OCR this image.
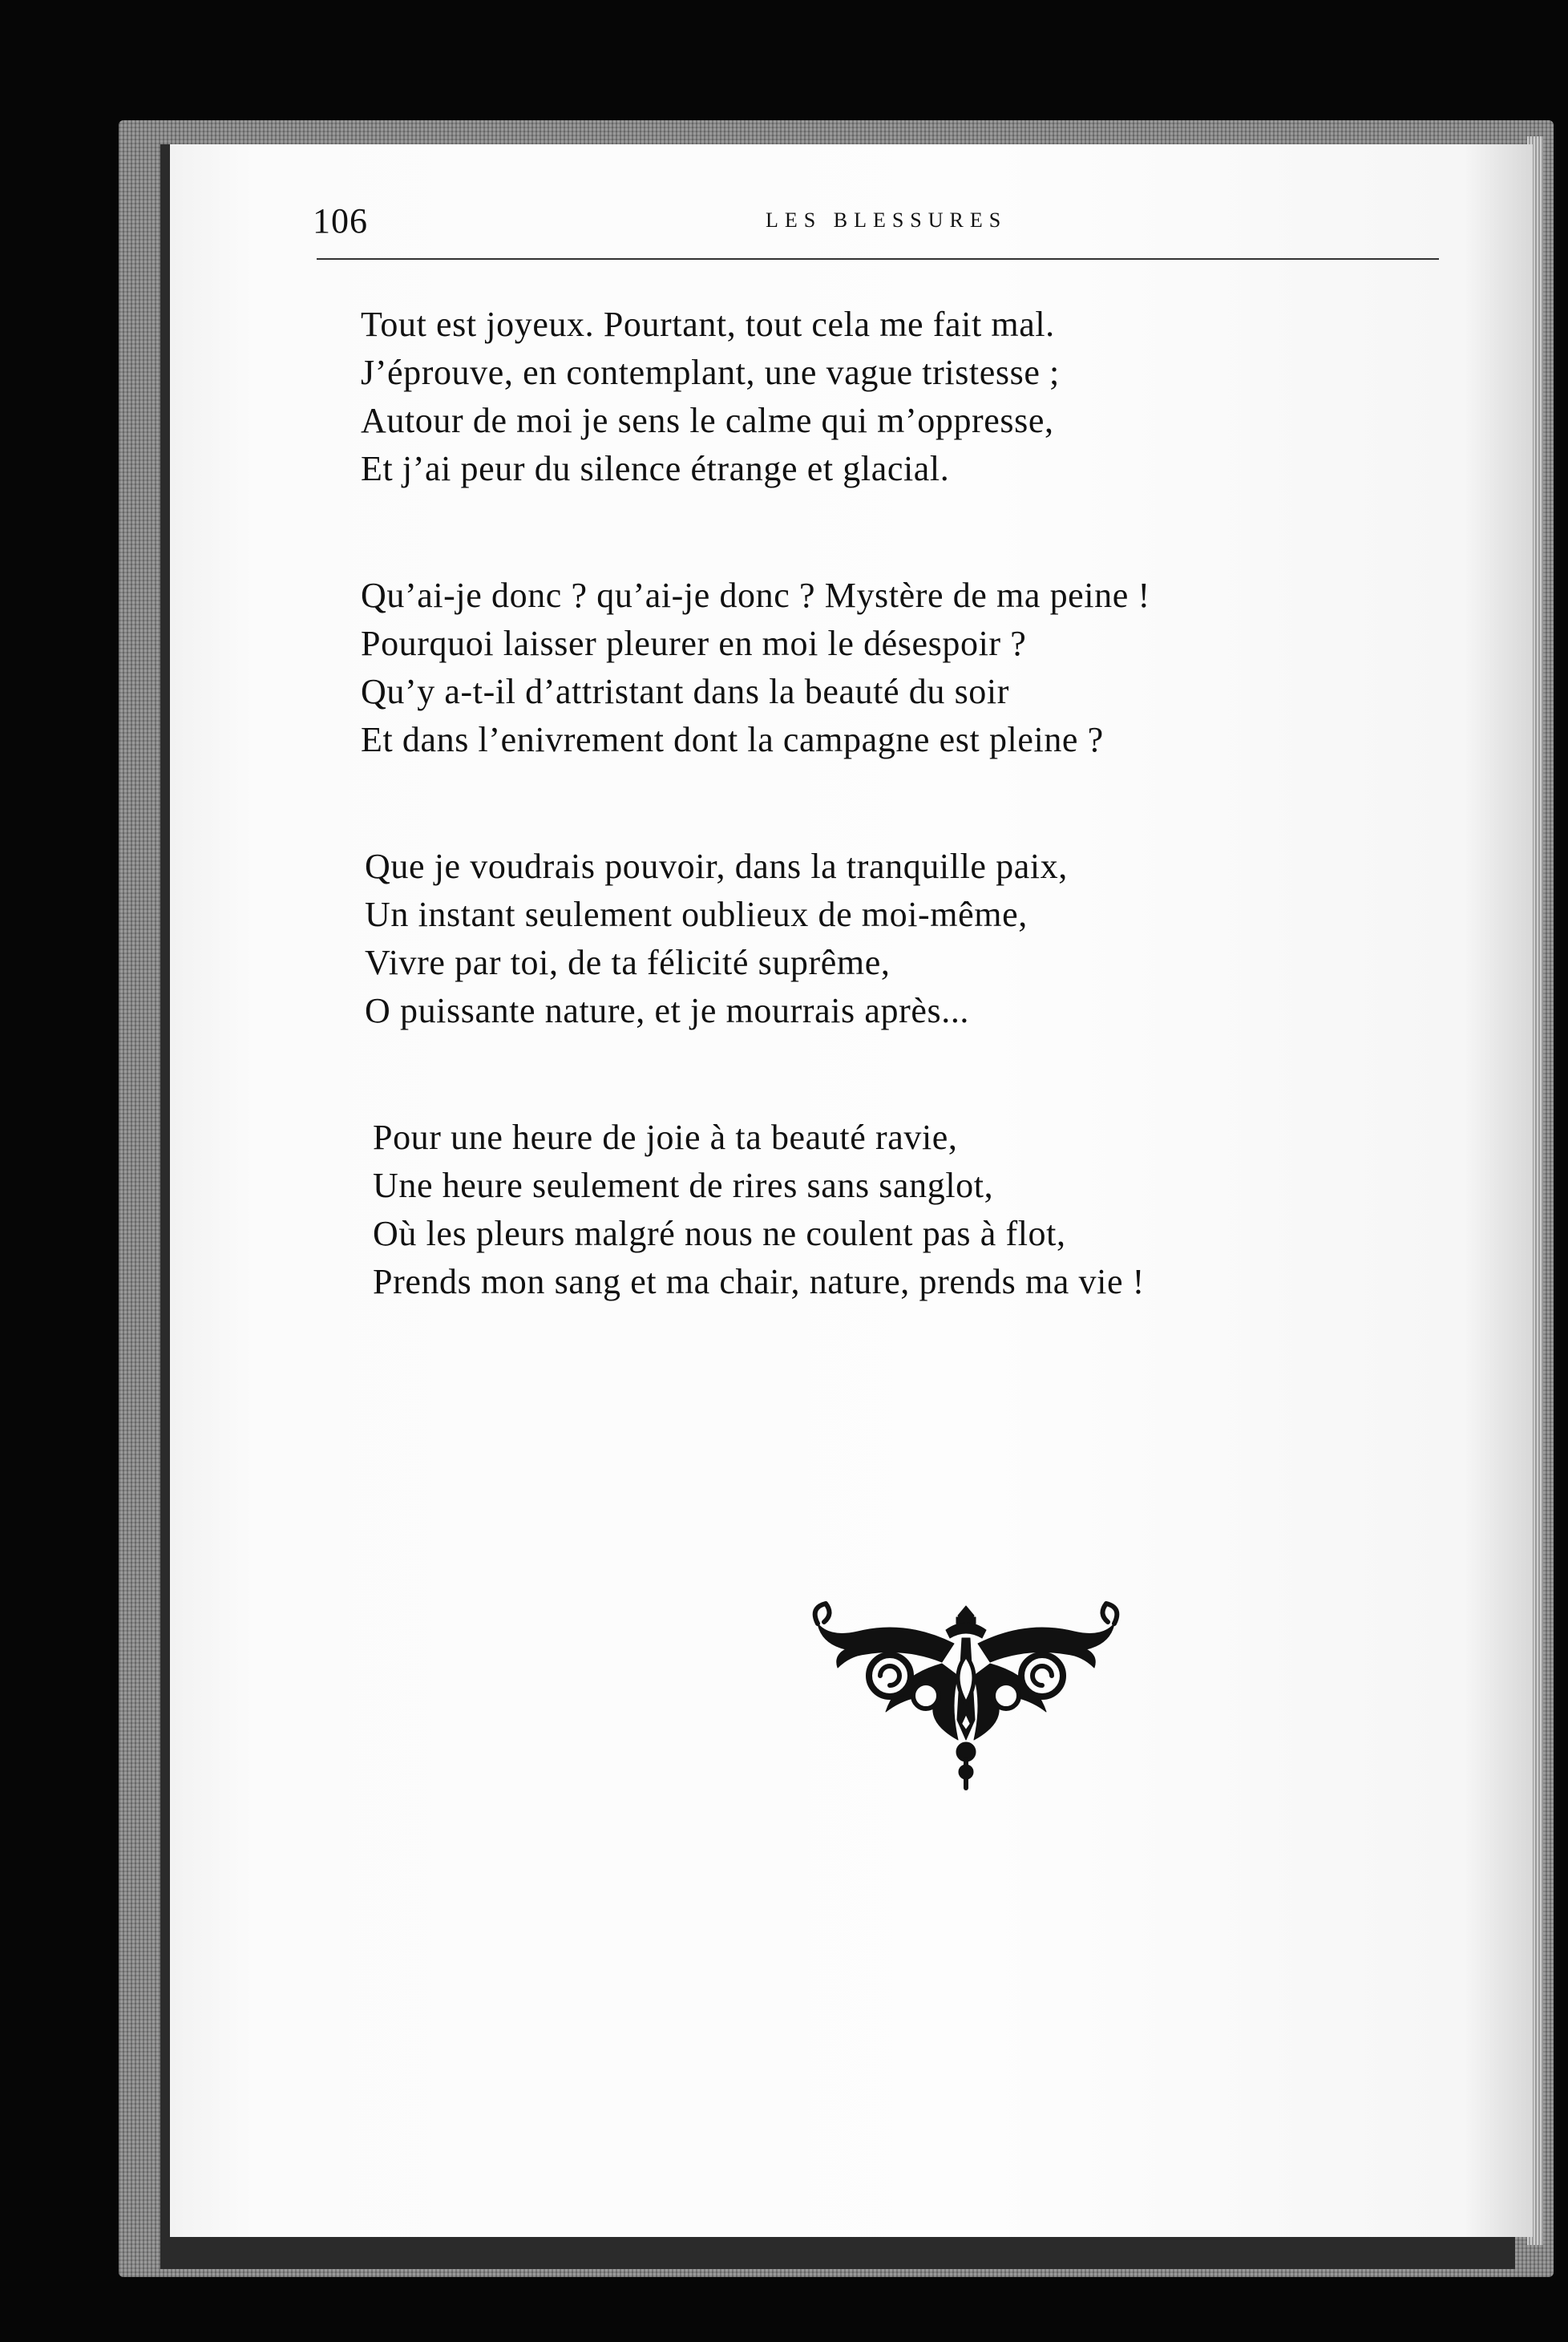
106	LES BLESSURES
Tout est joyeux. Pourtant, tout cela me fait mal.
J’éprouve, en contemplant, une vague tristesse ;
Autour de moi je sens le calme qui m’oppresse,
Et j’ai peur du silence étrange et glacial.
Qu’ai-je donc ? qu’ai-je donc ? Mystère de ma peine !
Pourquoi laisser pleurer en moi le désespoir ?
Qu’y a-t-il d’attristant dans la beauté du soir
Et dans l’enivrement dont la campagne est pleine ?
Que je voudrais pouvoir, dans la tranquille paix,
Un instant seulement oublieux de moi-même,
Vivre par toi, de ta félicité suprême,
O puissante nature, et je mourrais après...
Pour une heure de joie à ta beauté ravie,
Une heure seulement de rires sans sanglot,
Où les pleurs malgré nous ne coulent pas à flot,
Prends mon sang et ma chair, nature, prends ma vie !
